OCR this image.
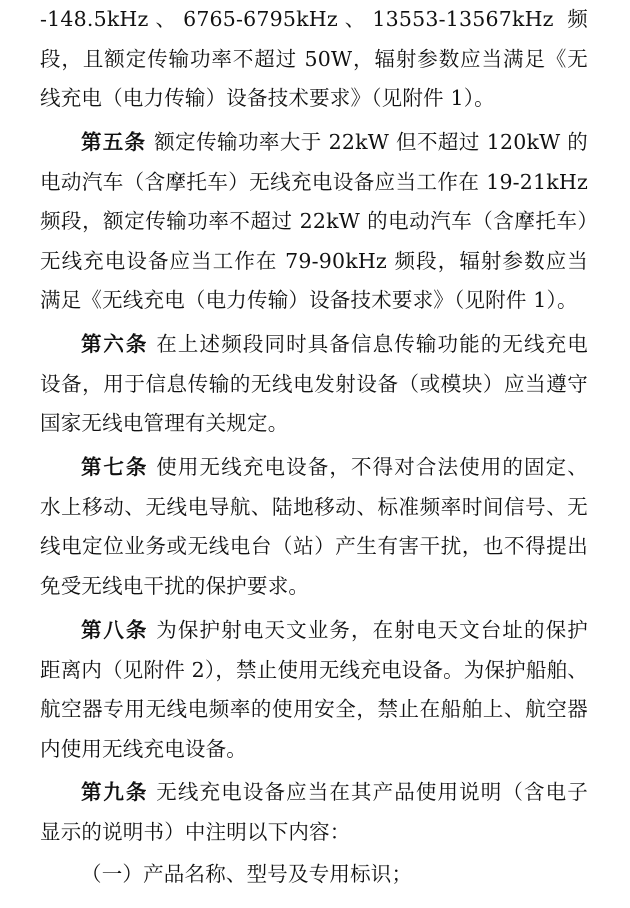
-148.5kHz、6765-6795kHz、13553-13567kHz 频段，且额定传输功率不超过 50W，辐射参数应当满足《无线充电（电力传输）设备技术要求》（见附件 1）。

第五条 额定传输功率大于 22kW 但不超过 120kW 的电动汽车（含摩托车）无线充电设备应当工作在 19-21kHz 频段，额定传输功率不超过 22kW 的电动汽车（含摩托车）无线充电设备应当工作在 79-90kHz 频段，辐射参数应当满足《无线充电（电力传输）设备技术要求》（见附件 1）。

第六条 在上述频段同时具备信息传输功能的无线充电设备，用于信息传输的无线电发射设备（或模块）应当遵守国家无线电管理有关规定。

第七条 使用无线充电设备，不得对合法使用的固定、水上移动、无线电导航、陆地移动、标准频率时间信号、无线电定位业务或无线电台（站）产生有害干扰，也不得提出免受无线电干扰的保护要求。

第八条 为保护射电天文业务，在射电天文台址的保护距离内（见附件 2），禁止使用无线充电设备。为保护船舶、航空器专用无线电频率的使用安全，禁止在船舶上、航空器内使用无线充电设备。

第九条 无线充电设备应当在其产品使用说明（含电子显示的说明书）中注明以下内容：

（一）产品名称、型号及专用标识；
